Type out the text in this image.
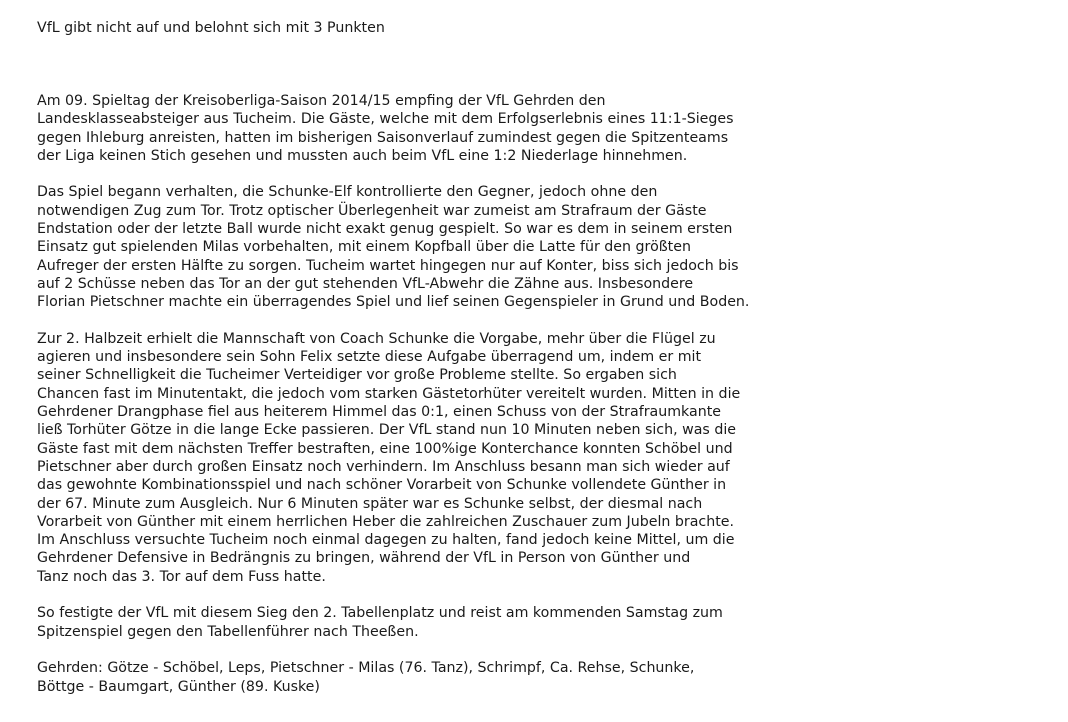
VfL gibt nicht auf und belohnt sich mit 3 Punkten

Am 09. Spieltag der Kreisoberliga-Saison 2014/15 empfing der VfL Gehrden den
Landesklasseabsteiger aus Tucheim. Die Gäste, welche mit dem Erfolgserlebnis eines 11:1-Sieges
gegen Ihleburg anreisten, hatten im bisherigen Saisonverlauf zumindest gegen die Spitzenteams
der Liga keinen Stich gesehen und mussten auch beim VfL eine 1:2 Niederlage hinnehmen.

Das Spiel begann verhalten, die Schunke-Elf kontrollierte den Gegner, jedoch ohne den
notwendigen Zug zum Tor. Trotz optischer Überlegenheit war zumeist am Strafraum der Gäste
Endstation oder der letzte Ball wurde nicht exakt genug gespielt. So war es dem in seinem ersten
Einsatz gut spielenden Milas vorbehalten, mit einem Kopfball über die Latte für den größten
Aufreger der ersten Hälfte zu sorgen. Tucheim wartet hingegen nur auf Konter, biss sich jedoch bis
auf 2 Schüsse neben das Tor an der gut stehenden VfL-Abwehr die Zähne aus. Insbesondere
Florian Pietschner machte ein überragendes Spiel und lief seinen Gegenspieler in Grund und Boden.

Zur 2. Halbzeit erhielt die Mannschaft von Coach Schunke die Vorgabe, mehr über die Flügel zu
agieren und insbesondere sein Sohn Felix setzte diese Aufgabe überragend um, indem er mit
seiner Schnelligkeit die Tucheimer Verteidiger vor große Probleme stellte. So ergaben sich
Chancen fast im Minutentakt, die jedoch vom starken Gästetorhüter vereitelt wurden. Mitten in die
Gehrdener Drangphase fiel aus heiterem Himmel das 0:1, einen Schuss von der Strafraumkante
ließ Torhüter Götze in die lange Ecke passieren. Der VfL stand nun 10 Minuten neben sich, was die
Gäste fast mit dem nächsten Treffer bestraften, eine 100%ige Konterchance konnten Schöbel und
Pietschner aber durch großen Einsatz noch verhindern. Im Anschluss besann man sich wieder auf
das gewohnte Kombinationsspiel und nach schöner Vorarbeit von Schunke vollendete Günther in
der 67. Minute zum Ausgleich. Nur 6 Minuten später war es Schunke selbst, der diesmal nach
Vorarbeit von Günther mit einem herrlichen Heber die zahlreichen Zuschauer zum Jubeln brachte.
Im Anschluss versuchte Tucheim noch einmal dagegen zu halten, fand jedoch keine Mittel, um die
Gehrdener Defensive in Bedrängnis zu bringen, während der VfL in Person von Günther und
Tanz noch das 3. Tor auf dem Fuss hatte.

So festigte der VfL mit diesem Sieg den 2. Tabellenplatz und reist am kommenden Samstag zum
Spitzenspiel gegen den Tabellenführer nach Theeßen.

Gehrden: Götze - Schöbel, Leps, Pietschner - Milas (76. Tanz), Schrimpf, Ca. Rehse, Schunke,
Böttge - Baumgart, Günther (89. Kuske)
